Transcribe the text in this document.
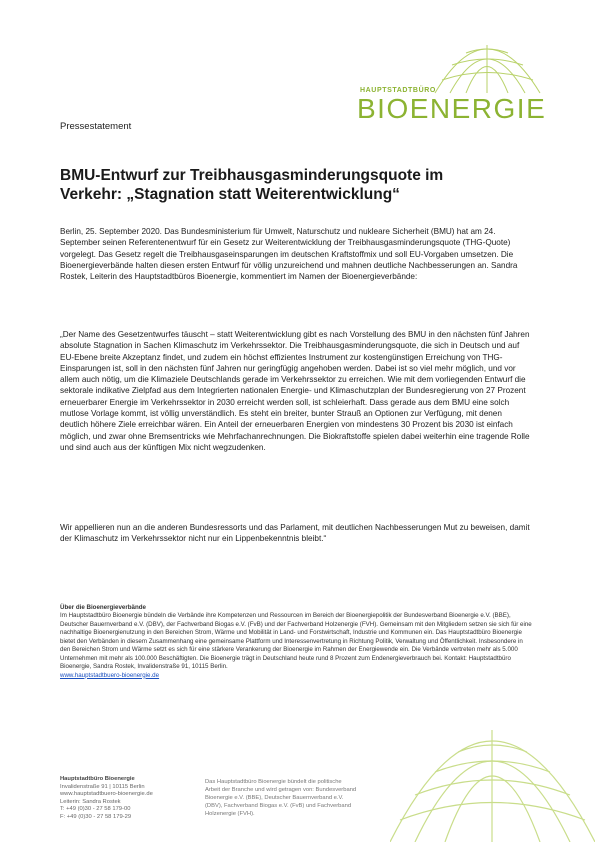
HAUPTSTADTBÜRO
BIOENERGIE
Pressestatement
BMU-Entwurf zur Treibhausgasminderungsquote im Verkehr: „Stagnation statt Weiterentwicklung“

Berlin, 25. September 2020. Das Bundesministerium für Umwelt, Naturschutz und nukleare Sicherheit (BMU) hat am 24. September seinen Referentenentwurf für ein Gesetz zur Weiterentwicklung der Treibhausgasminderungsquote (THG-Quote) vorgelegt. Das Gesetz regelt die Treibhausgaseinsparungen im deutschen Kraftstoffmix und soll EU-Vorgaben umsetzen. Die Bioenergieverbände halten diesen ersten Entwurf für völlig unzureichend und mahnen deutliche Nachbesserungen an. Sandra Rostek, Leiterin des Hauptstadtbüros Bioenergie, kommentiert im Namen der Bioenergieverbände:

„Der Name des Gesetzentwurfes täuscht – statt Weiterentwicklung gibt es nach Vorstellung des BMU in den nächsten fünf Jahren absolute Stagnation in Sachen Klimaschutz im Verkehrssektor. Die Treibhausgasminderungsquote, die sich in Deutsch und auf EU-Ebene breite Akzeptanz findet, und zudem ein höchst effizientes Instrument zur kostengünstigen Erreichung von THG-Einsparungen ist, soll in den nächsten fünf Jahren nur geringfügig angehoben werden. Dabei ist so viel mehr möglich, und vor allem auch nötig, um die Klimaziele Deutschlands gerade im Verkehrssektor zu erreichen. Wie mit dem vorliegenden Entwurf die sektorale indikative Zielpfad aus dem Integrierten nationalen Energie- und Klimaschutzplan der Bundesregierung von 27 Prozent erneuerbarer Energie im Verkehrssektor in 2030 erreicht werden soll, ist schleierhaft. Dass gerade aus dem BMU eine solch mutlose Vorlage kommt, ist völlig unverständlich. Es steht ein breiter, bunter Strauß an Optionen zur Verfügung, mit denen deutlich höhere Ziele erreichbar wären. Ein Anteil der erneuerbaren Energien von mindestens 30 Prozent bis 2030 ist einfach möglich, und zwar ohne Bremsentricks wie Mehrfachanrechnungen. Die Biokraftstoffe spielen dabei weiterhin eine tragende Rolle und sind auch aus der künftigen Mix nicht wegzudenken.

Wir appellieren nun an die anderen Bundesressorts und das Parlament, mit deutlichen Nachbesserungen Mut zu beweisen, damit der Klimaschutz im Verkehrssektor nicht nur ein Lippenbekenntnis bleibt.“

Über die Bioenergieverbände
Im Hauptstadtbüro Bioenergie bündeln die Verbände ihre Kompetenzen und Ressourcen im Bereich der Bioenergiepolitik der Bundesverband Bioenergie e.V. (BBE), Deutscher Bauernverband e.V. (DBV), der Fachverband Biogas e.V. (FvB) und der Fachverband Holzenergie (FVH). Gemeinsam mit den Mitgliedern setzen sie sich für eine nachhaltige Bioenergienutzung in den Bereichen Strom, Wärme und Mobilität in Land- und Forstwirtschaft, Industrie und Kommunen ein. Das Hauptstadtbüro Bioenergie bietet den Verbänden in diesem Zusammenhang eine gemeinsame Plattform und Interessenvertretung in Richtung Politik, Verwaltung und Öffentlichkeit. Insbesondere in den Bereichen Strom und Wärme setzt es sich für eine stärkere Verankerung der Bioenergie im Rahmen der Energiewende ein. Die Verbände vertreten mehr als 5.000 Unternehmen mit mehr als 100.000 Beschäftigten. Die Bioenergie trägt in Deutschland heute rund 8 Prozent zum Endenergieverbrauch bei. Kontakt: Hauptstadtbüro Bioenergie, Sandra Rostek, Invalidenstraße 91, 10115 Berlin.
www.hauptstadtbuero-bioenergie.de
Hauptstadtbüro Bioenergie
Invalidenstraße 91 | 10115 Berlin
www.hauptstadtbuero-bioenergie.de
Leiterin: Sandra Rostek
T: +49 (0)30 - 27 58 179-00
F: +49 (0)30 - 27 58 179-29
Das Hauptstadtbüro Bioenergie bündelt die politische
Arbeit der Branche und wird getragen von: Bundesverband
Bioenergie e.V. (BBE), Deutscher Bauernverband e.V.
(DBV), Fachverband Biogas e.V. (FvB) und Fachverband
Holzenergie (FVH).
